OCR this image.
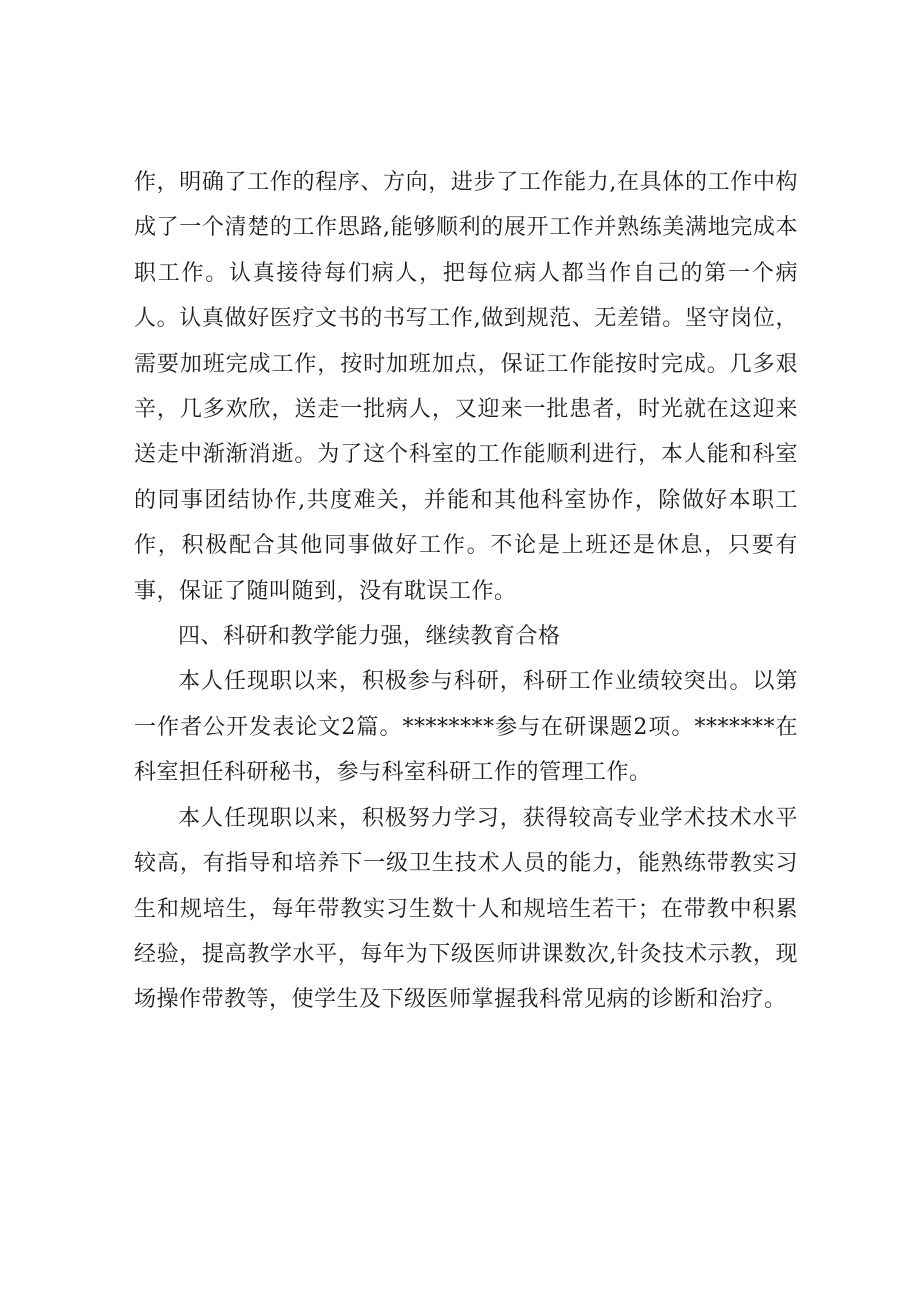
作，明确了工作的程序、方向，进步了工作能力,在具体的工作中构成了一个清楚的工作思路,能够顺利的展开工作并熟练美满地完成本职工作。认真接待每们病人，把每位病人都当作自己的第一个病人。认真做好医疗文书的书写工作,做到规范、无差错。坚守岗位，需要加班完成工作，按时加班加点，保证工作能按时完成。几多艰辛，几多欢欣，送走一批病人，又迎来一批患者，时光就在这迎来送走中渐渐消逝。为了这个科室的工作能顺利进行，本人能和科室的同事团结协作,共度难关，并能和其他科室协作，除做好本职工作，积极配合其他同事做好工作。不论是上班还是休息，只要有事，保证了随叫随到，没有耽误工作。

四、科研和教学能力强，继续教育合格

本人任现职以来，积极参与科研，科研工作业绩较突出。以第一作者公开发表论文2篇。********参与在研课题2项。*******在科室担任科研秘书，参与科室科研工作的管理工作。

本人任现职以来，积极努力学习，获得较高专业学术技术水平较高，有指导和培养下一级卫生技术人员的能力，能熟练带教实习生和规培生，每年带教实习生数十人和规培生若干；在带教中积累经验，提高教学水平，每年为下级医师讲课数次,针灸技术示教，现场操作带教等，使学生及下级医师掌握我科常见病的诊断和治疗。
